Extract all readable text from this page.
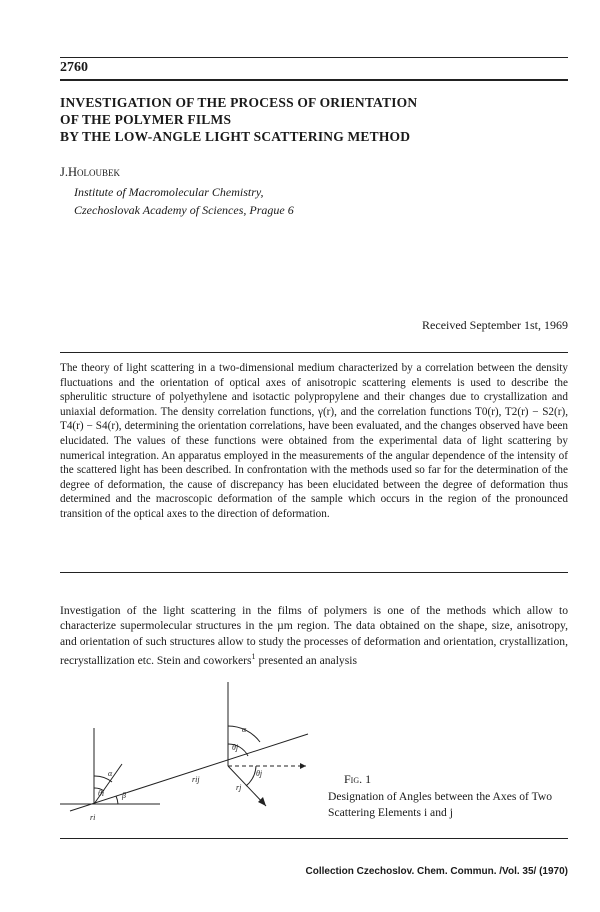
2760
INVESTIGATION OF THE PROCESS OF ORIENTATION
OF THE POLYMER FILMS
BY THE LOW-ANGLE LIGHT SCATTERING METHOD
J.Holoubek
Institute of Macromolecular Chemistry,
Czechoslovak Academy of Sciences, Prague 6
Received September 1st, 1969
The theory of light scattering in a two-dimensional medium characterized by a correlation between the density fluctuations and the orientation of optical axes of anisotropic scattering elements is used to describe the spherulitic structure of polyethylene and isotactic polypropylene and their changes due to crystallization and uniaxial deformation. The density correlation functions, γ(r), and the correlation functions T0(r), T2(r) − S2(r), T4(r) − S4(r), determining the orientation correlations, have been evaluated, and the changes observed have been elucidated. The values of these functions were obtained from the experimental data of light scattering by numerical integration. An apparatus employed in the measurements of the angular dependence of the intensity of the scattered light has been described. In confrontation with the methods used so far for the determination of the degree of deformation, the cause of discrepancy has been elucidated between the degree of deformation thus determined and the macroscopic deformation of the sample which occurs in the region of the pronounced transition of the optical axes to the direction of deformation.
Investigation of the light scattering in the films of polymers is one of the methods which allow to characterize supermolecular structures in the µm region. The data obtained on the shape, size, anisotropy, and orientation of such structures allow to study the processes of deformation and orientation, crystallization, recrystallization etc. Stein and coworkers$^1$ presented an analysis
α
θi β
ri
α
θj
rij
rj
θj	Fig. 1
Designation of Angles between the Axes of Two Scattering Elements i and j
Collection Czechoslov. Chem. Commun. /Vol. 35/ (1970)
